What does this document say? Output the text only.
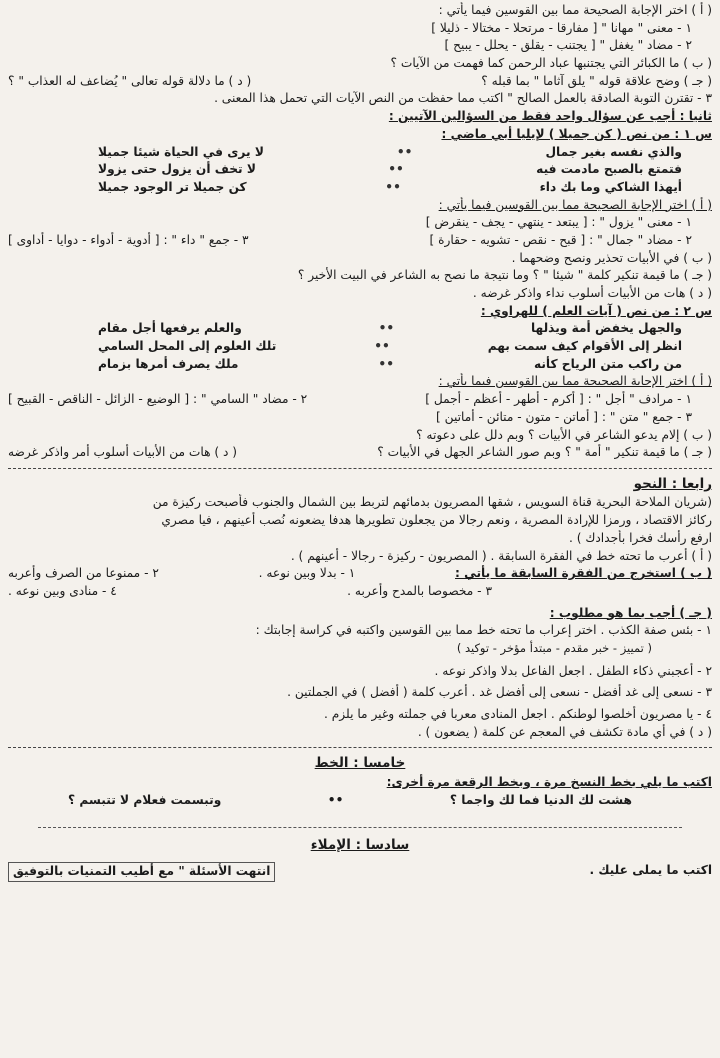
( أ ) اختر الإجابة الصحيحة مما بين القوسين فيما يأتي :
١ - معنى " مهانا " [ مفارقا - مرتحلا - مختالا - ذليلا ]
٢ - مضاد " يغفل " [ يجتنب - يقلق - يحلل - يبيح ]
( ب ) ما الكبائر التي يجتنبها عباد الرحمن كما فهمت من الآيات ؟
( جـ ) وضح علاقة قوله " يلق آثاما " بما قبله ؟
( د ) ما دلالة قوله تعالى " يُضاعف له العذاب " ؟
٣ - تقترن التوبة الصادقة بالعمل الصالح " اكتب مما حفظت من النص الآيات التي تحمل هذا المعنى .
ثانيا : أجب عن سؤال واحد فقط من السؤالين الآتيين :
س ١ : من نص ( كن جميلا ) لإيليا أبي ماضي :
والذي نفسه بغير جمال
••
لا يرى في الحياة شيئا جميلا
فتمتع بالصبح مادمت فيه
••
لا تخف أن يزول حتى يزولا
أيهذا الشاكي وما بك داء
••
كن جميلا تر الوجود جميلا
( أ ) اختر الإجابة الصحيحة مما بين القوسين فيما يأتي :
١ - معنى " يزول " : [ يبتعد - ينتهي - يجف - ينقرض ]
٢ - مضاد " جمال " : [ قبح - نقص - تشويه - حقارة ]
٣ - جمع " داء " : [ أدوية - أدواء - دوايا - أداوى ]
( ب ) في الأبيات تحذير ونصح وضحهما .
( جـ ) ما قيمة تنكير كلمة " شيئا " ؟ وما نتيجة ما نصح به الشاعر في البيت الأخير ؟
( د ) هات من الأبيات أسلوب نداء واذكر غرضه .
س ٢ : من نص ( آيات العلم ) للهراوي :
والجهل يخفض أمة ويذلها
••
والعلم يرفعها أجل مقام
انظر إلى الأقوام كيف سمت بهم
••
تلك العلوم إلى المحل السامي
من راكب متن الرياح كأنه
••
ملك يصرف أمرها بزمام
( أ ) اختر الإجابة الصحيحة مما بين القوسين فيما يأتي :
١ - مرادف " أجل " : [ أكرم - أطهر - أعظم - أجمل ]
٢ - مضاد " السامي " : [ الوضيع - الزائل - الناقص - القبيح ]
٣ - جمع " متن " : [ أماتن - متون - متائن - أماتين ]
( ب ) إلام يدعو الشاعر في الأبيات ؟ وبم دلل على دعوته ؟
( جـ ) ما قيمة تنكير " أمة " ؟ وبم صور الشاعر الجهل في الأبيات ؟
( د ) هات من الأبيات أسلوب أمر واذكر غرضه
رابعا : النحو
(شريان الملاحة البحرية قناة السويس ، شقها المصريون بدمائهم لتربط بين الشمال والجنوب فأصبحت ركيزة من
ركائز الاقتصاد ، ورمزا للإرادة المصرية ، ونعم رجالا من يجعلون تطويرها هدفا يضعونه نُصب أعينهم ، فيا مصري
ارفع رأسك فخرا بأجدادك ) .
( أ ) أعرب ما تحته خط في الفقرة السابقة . ( المصريون - ركيزة - رجالا - أعينهم ) .
( ب ) استخرج من الفقرة السابقة ما يأتي :
١ - بدلا وبين نوعه .
٢ - ممنوعا من الصرف وأعربه
٣ - مخصوصا بالمدح وأعربه .
٤ - منادى وبين نوعه .
( جـ ) أجب بما هو مطلوب :
١ - بئس صفة الكذب . اختر إعراب ما تحته خط مما بين القوسين واكتبه في كراسة إجابتك :
( تمييز - خبر مقدم - مبتدأ مؤخر - توكيد )
٢ - أعجبني ذكاء الطفل . اجعل الفاعل بدلا واذكر نوعه .
٣ - نسعى إلى غد أفضل - نسعى إلى أفضل غد . أعرب كلمة ( أفضل ) في الجملتين .
٤ - يا مصريون أخلصوا لوطنكم . اجعل المنادى معربا في جملته وغير ما يلزم .
( د ) في أي مادة تكشف في المعجم عن كلمة ( يضعون ) .
خامسا : الخط
اكتب ما يلي بخط النسخ مرة ، وبخط الرقعة مرة أخرى:
هشت لك الدنيا فما لك واجما ؟
••
وتبسمت فعلام لا تتبسم ؟
سادسا : الإملاء
اكتب ما يملى عليك .
انتهت الأسئلة " مع أطيب التمنيات بالتوفيق
